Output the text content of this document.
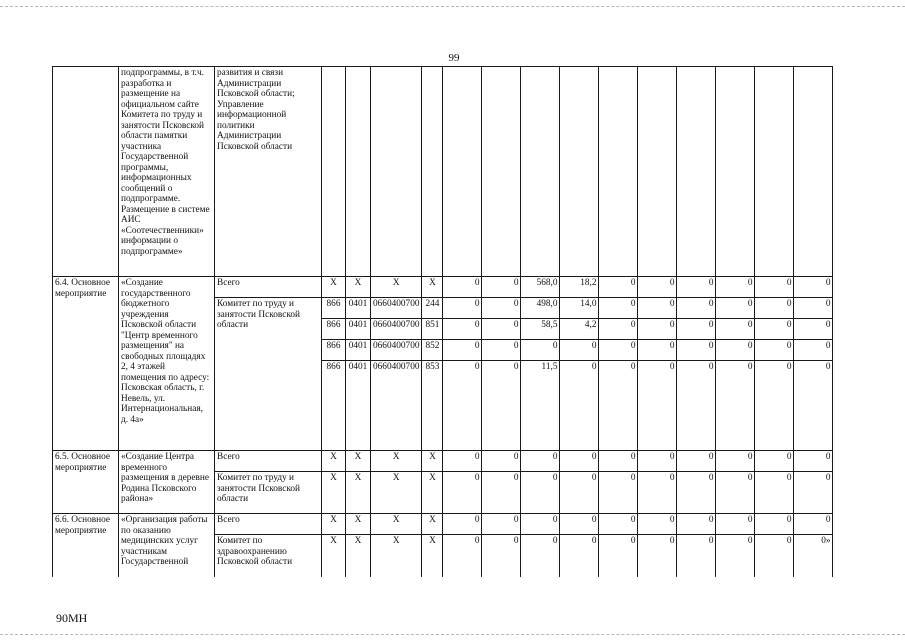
99
	подпрограммы, в т.ч. разработка и размещение на официальном сайте Комитета по труду и занятости Псковской области памятки участника Государственной программы, информационных сообщений о подпрограмме. Размещение в системе АИС «Соотечественники» информации о подпрограмме»	развития и связи Администрации Псковской области; Управление информационной политики Администрации Псковской области														
6.4. Основное мероприятие	«Создание государственного бюджетного учреждения Псковской области "Центр временного размещения" на свободных площадях 2, 4 этажей помещения по адресу: Псковская область, г. Невель, ул. Интернациональная, д. 4а»	Всего	X	X	X	X	0	0	568,0	18,2	0	0	0	0	0	0
		Комитет по труду и занятости Псковской области	866	0401	0660400700	244	0	0	498,0	14,0	0	0	0	0	0	0
			866	0401	0660400700	851	0	0	58,5	4,2	0	0	0	0	0	0
			866	0401	0660400700	852	0	0	0	0	0	0	0	0	0	0
			866	0401	0660400700	853	0	0	11,5	0	0	0	0	0	0	0

6.5. Основное мероприятие	«Создание Центра временного размещения в деревне Родина Псковского района»	Всего	X	X	X	X	0	0	0	0	0	0	0	0	0	0
		Комитет по труду и занятости Псковской области	X	X	X	X	0	0	0	0	0	0	0	0	0	0
6.6. Основное мероприятие	«Организация работы по оказанию медицинских услуг участникам Государственной	Всего	X	X	X	X	0	0	0	0	0	0	0	0	0	0
		Комитет по здравоохранению Псковской области	X	X	X	X	0	0	0	0	0	0	0	0	0	0»
90МН
